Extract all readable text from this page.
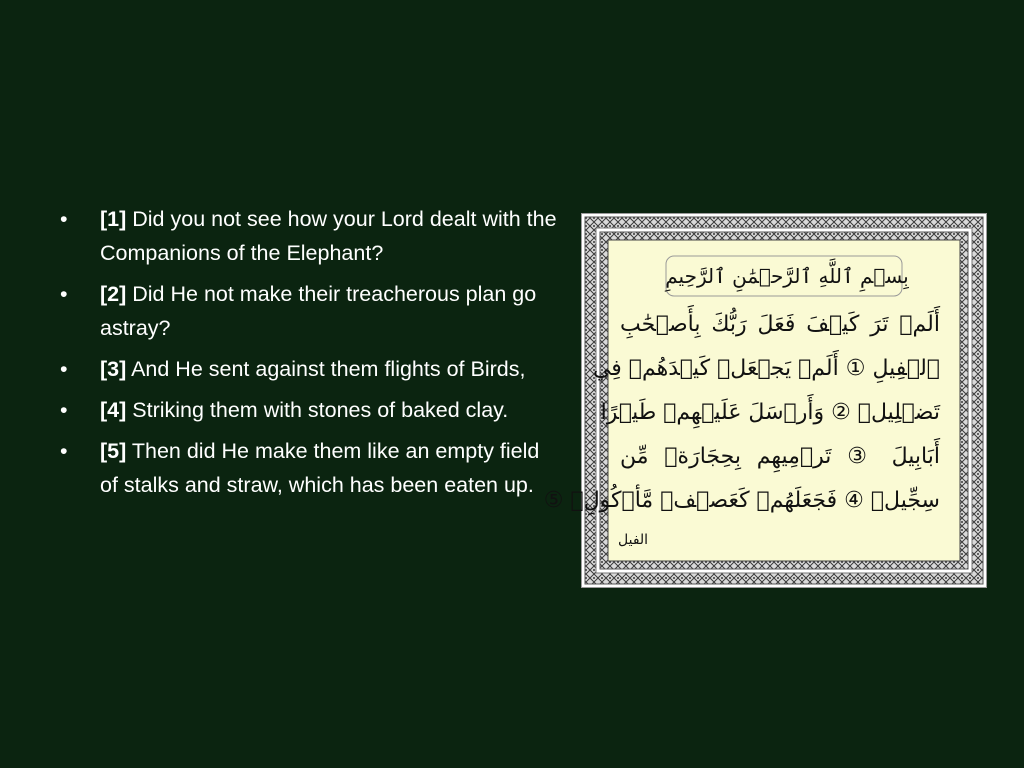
•	[1] Did you not see how your Lord dealt with the Companions of the Elephant?
•	[2] Did He not make their treacherous plan go astray?
•	[3] And He sent against them flights of Birds,
•	[4] Striking them with stones of baked clay.
•	[5] Then did He make them like an empty field of stalks and straw, which has been eaten up.
بِسۡمِ ٱللَّهِ ٱلرَّحۡمَٰنِ ٱلرَّحِيمِ
أَلَمۡ تَرَ كَيۡفَ فَعَلَ رَبُّكَ بِأَصۡحَٰبِ
ٱلۡفِيلِ ① أَلَمۡ يَجۡعَلۡ كَيۡدَهُمۡ فِي
تَضۡلِيلٖ ② وَأَرۡسَلَ عَلَيۡهِمۡ طَيۡرًا
أَبَابِيلَ ③ تَرۡمِيهِم بِحِجَارَةٖ مِّن
سِجِّيلٖ ④ فَجَعَلَهُمۡ كَعَصۡفٖ مَّأۡكُولِۭ ⑤
الفيل
